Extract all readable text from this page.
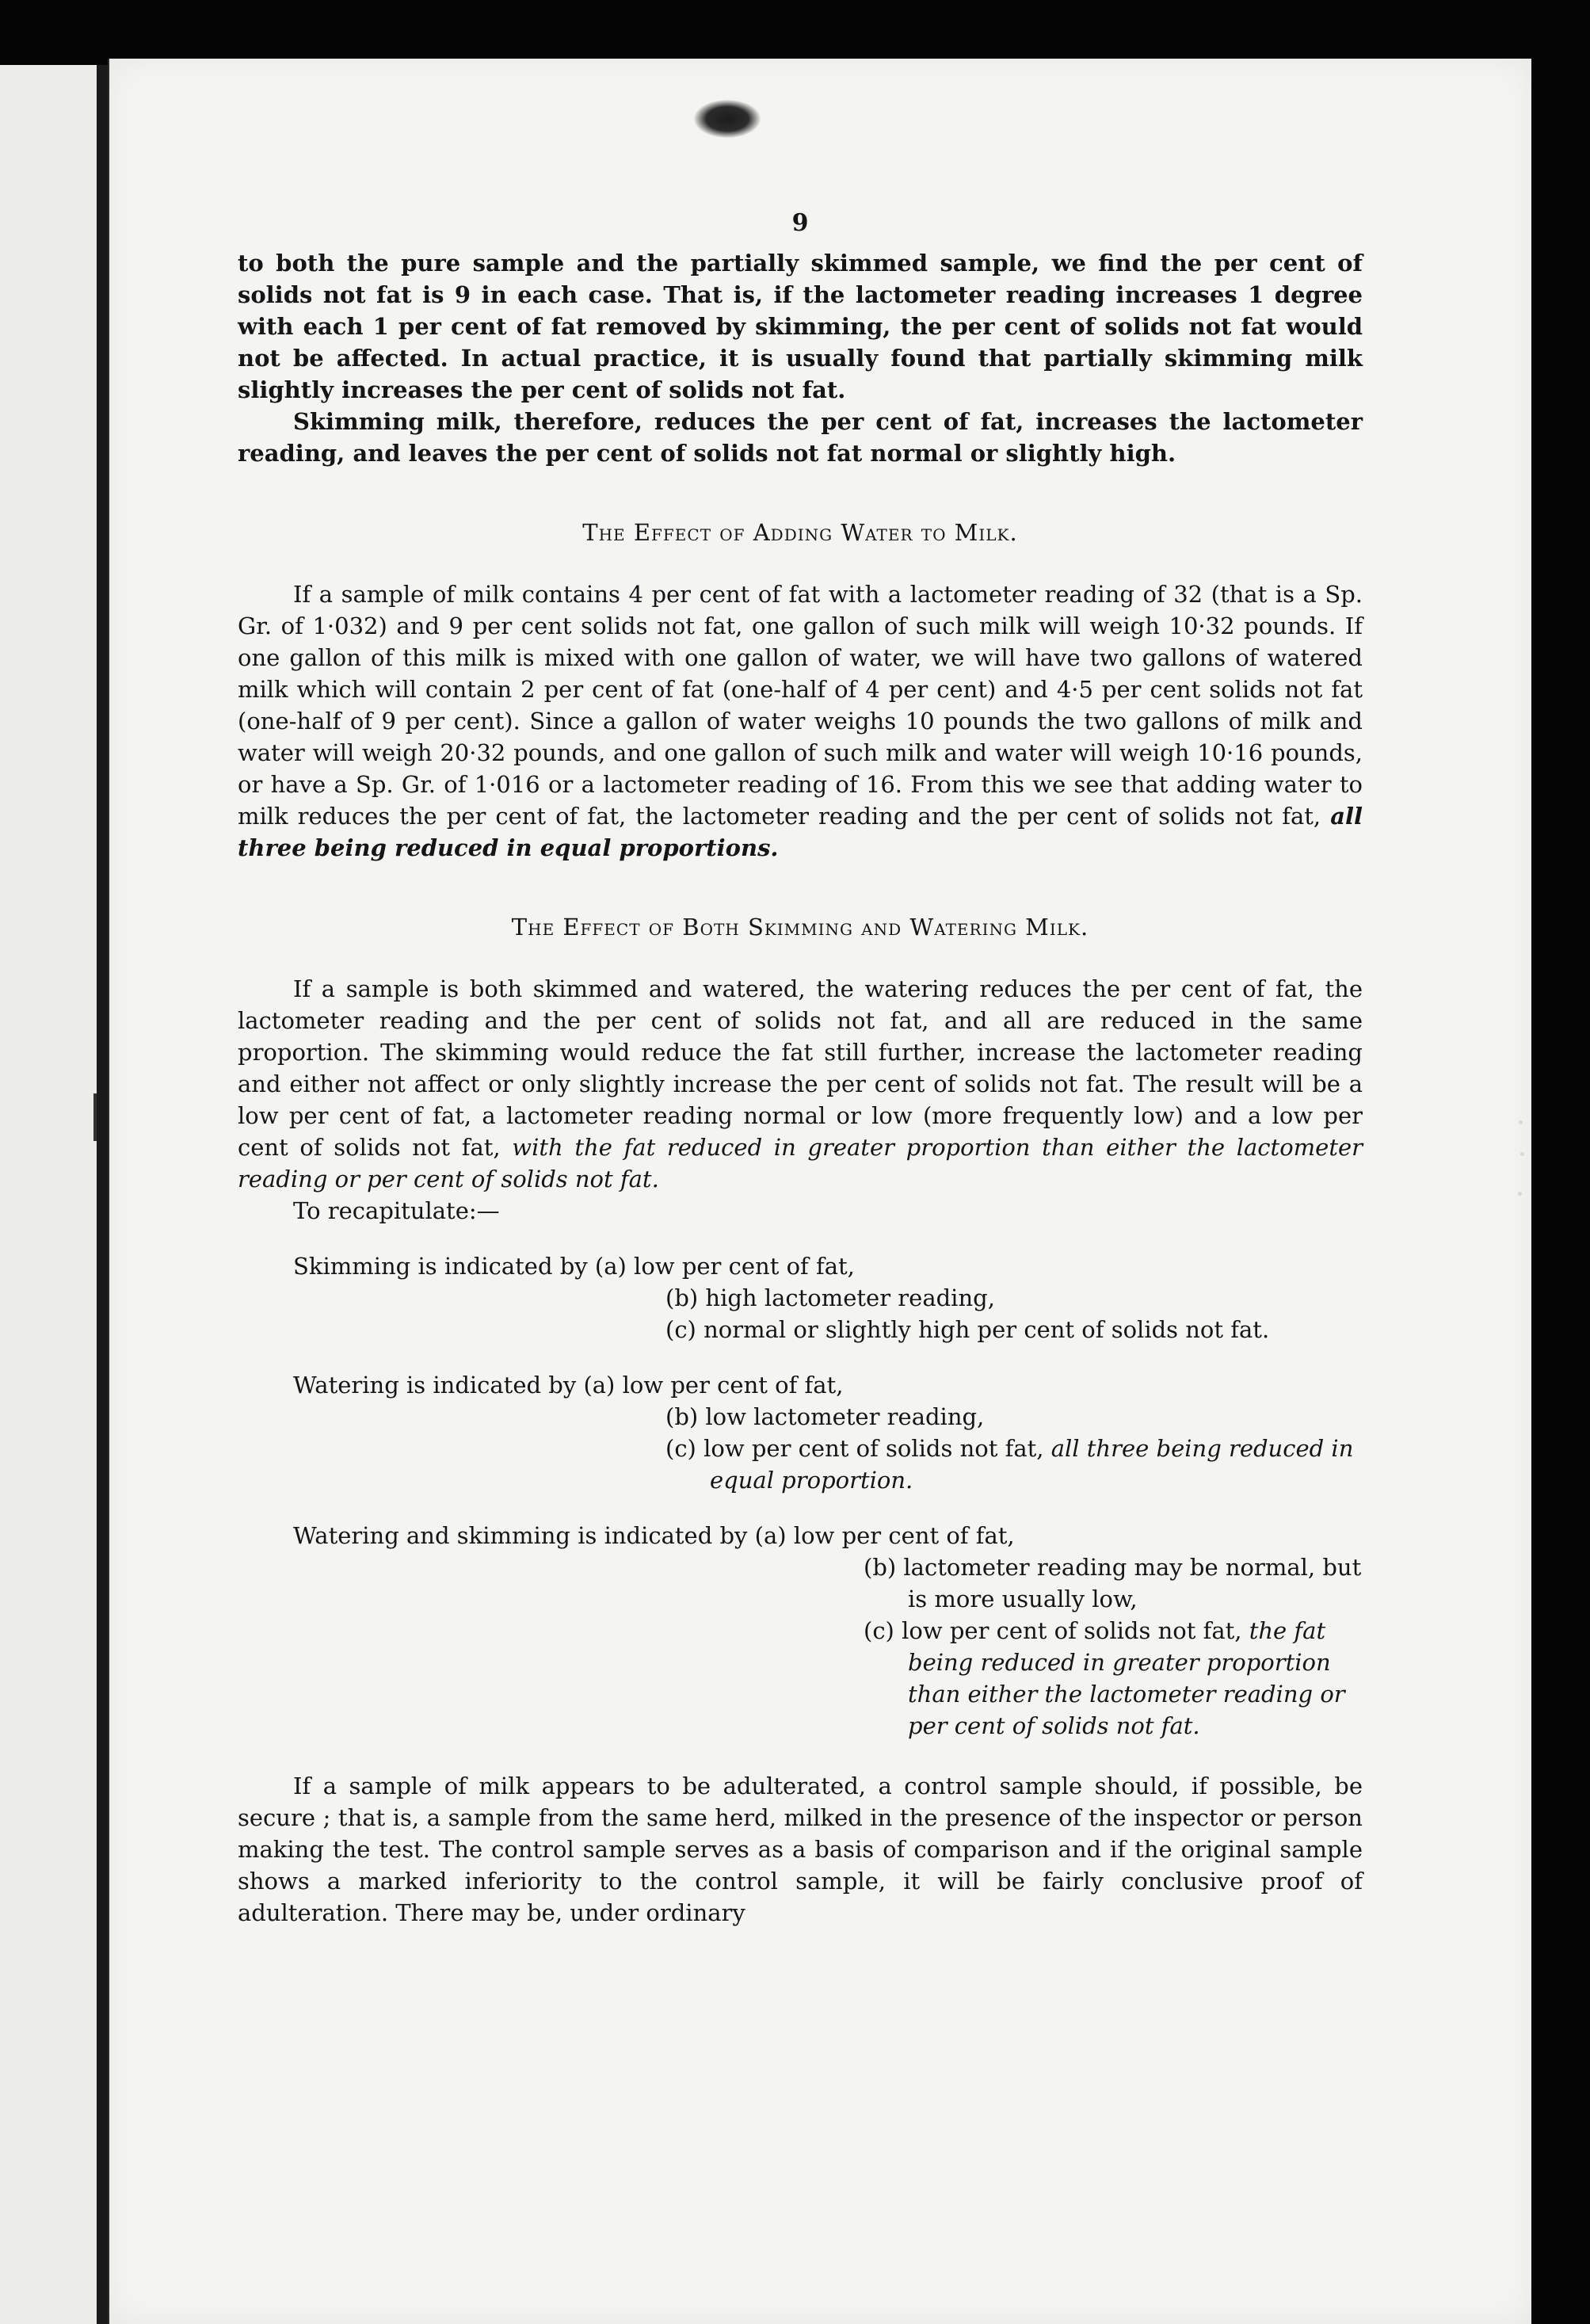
9

to both the pure sample and the partially skimmed sample, we find the per cent of solids not fat is 9 in each case. That is, if the lactometer reading increases 1 degree with each 1 per cent of fat removed by skimming, the per cent of solids not fat would not be affected. In actual practice, it is usually found that partially skimming milk slightly increases the per cent of solids not fat.

Skimming milk, therefore, reduces the per cent of fat, increases the lactometer reading, and leaves the per cent of solids not fat normal or slightly high.

The Effect of Adding Water to Milk.

If a sample of milk contains 4 per cent of fat with a lactometer reading of 32 (that is a Sp. Gr. of 1·032) and 9 per cent solids not fat, one gallon of such milk will weigh 10·32 pounds. If one gallon of this milk is mixed with one gallon of water, we will have two gallons of watered milk which will contain 2 per cent of fat (one-half of 4 per cent) and 4·5 per cent solids not fat (one-half of 9 per cent). Since a gallon of water weighs 10 pounds the two gallons of milk and water will weigh 20·32 pounds, and one gallon of such milk and water will weigh 10·16 pounds, or have a Sp. Gr. of 1·016 or a lactometer reading of 16. From this we see that adding water to milk reduces the per cent of fat, the lactometer reading and the per cent of solids not fat, all three being reduced in equal proportions.

The Effect of Both Skimming and Watering Milk.

If a sample is both skimmed and watered, the watering reduces the per cent of fat, the lactometer reading and the per cent of solids not fat, and all are reduced in the same proportion. The skimming would reduce the fat still further, increase the lactometer reading and either not affect or only slightly increase the per cent of solids not fat. The result will be a low per cent of fat, a lactometer reading normal or low (more frequently low) and a low per cent of solids not fat, with the fat reduced in greater proportion than either the lactometer reading or per cent of solids not fat.

To recapitulate:—
Skimming is indicated by (a) low per cent of fat,
(b) high lactometer reading,
(c) normal or slightly high per cent of solids not fat.
Watering is indicated by (a) low per cent of fat,
(b) low lactometer reading,
(c) low per cent of solids not fat, all three being reduced in equal proportion.
Watering and skimming is indicated by (a) low per cent of fat,
(b) lactometer reading may be normal, but is more usually low,
(c) low per cent of solids not fat, the fat being reduced in greater proportion than either the lactometer reading or per cent of solids not fat.

If a sample of milk appears to be adulterated, a control sample should, if possible, be secure ; that is, a sample from the same herd, milked in the presence of the inspector or person making the test. The control sample serves as a basis of comparison and if the original sample shows a marked inferiority to the control sample, it will be fairly conclusive proof of adulteration. There may be, under ordinary
